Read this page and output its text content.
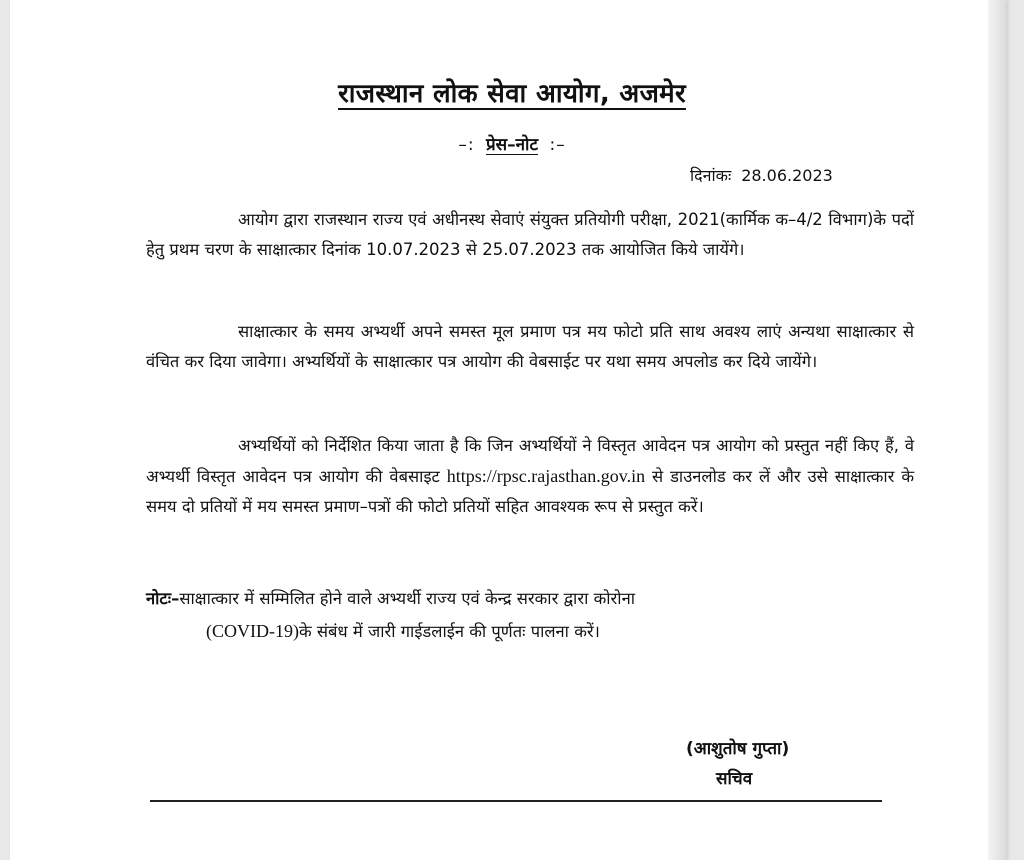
राजस्थान लोक सेवा आयोग, अजमेर
–: प्रेस–नोट :–
दिनांकः 28.06.2023
आयोग द्वारा राजस्थान राज्य एवं अधीनस्थ सेवाएं संयुक्त प्रतियोगी परीक्षा, 2021(कार्मिक क–4/2 विभाग)के पदों हेतु प्रथम चरण के साक्षात्कार दिनांक 10.07.2023 से 25.07.2023 तक आयोजित किये जायेंगे।
साक्षात्कार के समय अभ्यर्थी अपने समस्त मूल प्रमाण पत्र मय फोटो प्रति साथ अवश्य लाएं अन्यथा साक्षात्कार से वंचित कर दिया जावेगा। अभ्यर्थियों के साक्षात्कार पत्र आयोग की वेबसाईट पर यथा समय अपलोड कर दिये जायेंगे।
अभ्यर्थियों को निर्देशित किया जाता है कि जिन अभ्यर्थियों ने विस्तृत आवेदन पत्र आयोग को प्रस्तुत नहीं किए हैं, वे अभ्यर्थी विस्तृत आवेदन पत्र आयोग की वेबसाइट https://rpsc.rajasthan.gov.in से डाउनलोड कर लें और उसे साक्षात्कार के समय दो प्रतियों में मय समस्त प्रमाण–पत्रों की फोटो प्रतियों सहित आवश्यक रूप से प्रस्तुत करें।
नोटः–साक्षात्कार में सम्मिलित होने वाले अभ्यर्थी राज्य एवं केन्द्र सरकार द्वारा कोरोना
(COVID-19)के संबंध में जारी गाईडलाईन की पूर्णतः पालना करें।
(आशुतोष गुप्ता)
सचिव
